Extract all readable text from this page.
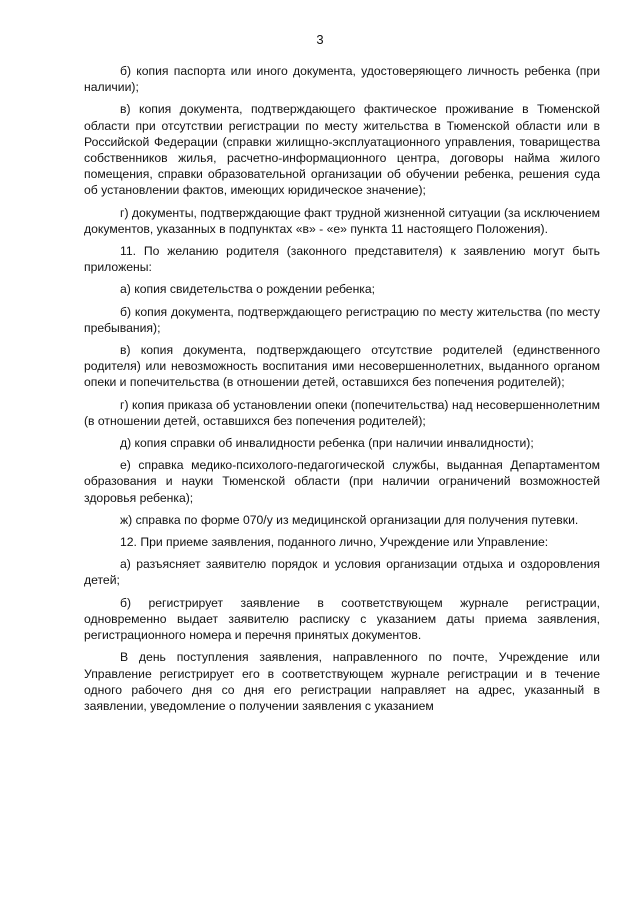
3

б) копия паспорта или иного документа, удостоверяющего личность ребенка (при наличии);

в) копия документа, подтверждающего фактическое проживание в Тюменской области при отсутствии регистрации по месту жительства в Тюменской области или в Российской Федерации (справки жилищно-эксплуатационного управления, товарищества собственников жилья, расчетно-информационного центра, договоры найма жилого помещения, справки образовательной организации об обучении ребенка, решения суда об установлении фактов, имеющих юридическое значение);

г) документы, подтверждающие факт трудной жизненной ситуации (за исключением документов, указанных в подпунктах «в» - «е» пункта 11 настоящего Положения).

11. По желанию родителя (законного представителя) к заявлению могут быть приложены:

а) копия свидетельства о рождении ребенка;

б) копия документа, подтверждающего регистрацию по месту жительства (по месту пребывания);

в) копия документа, подтверждающего отсутствие родителей (единственного родителя) или невозможность воспитания ими несовершеннолетних, выданного органом опеки и попечительства (в отношении детей, оставшихся без попечения родителей);

г) копия приказа об установлении опеки (попечительства) над несовершеннолетним (в отношении детей, оставшихся без попечения родителей);

д) копия справки об инвалидности ребенка (при наличии инвалидности);

е) справка медико-психолого-педагогической службы, выданная Департаментом образования и науки Тюменской области (при наличии ограничений возможностей здоровья ребенка);

ж) справка по форме 070/у из медицинской организации для получения путевки.

12. При приеме заявления, поданного лично, Учреждение или Управление:

а) разъясняет заявителю порядок и условия организации отдыха и оздоровления детей;

б) регистрирует заявление в соответствующем журнале регистрации, одновременно выдает заявителю расписку с указанием даты приема заявления, регистрационного номера и перечня принятых документов.

В день поступления заявления, направленного по почте, Учреждение или Управление регистрирует его в соответствующем журнале регистрации и в течение одного рабочего дня со дня его регистрации направляет на адрес, указанный в заявлении, уведомление о получении заявления с указанием
